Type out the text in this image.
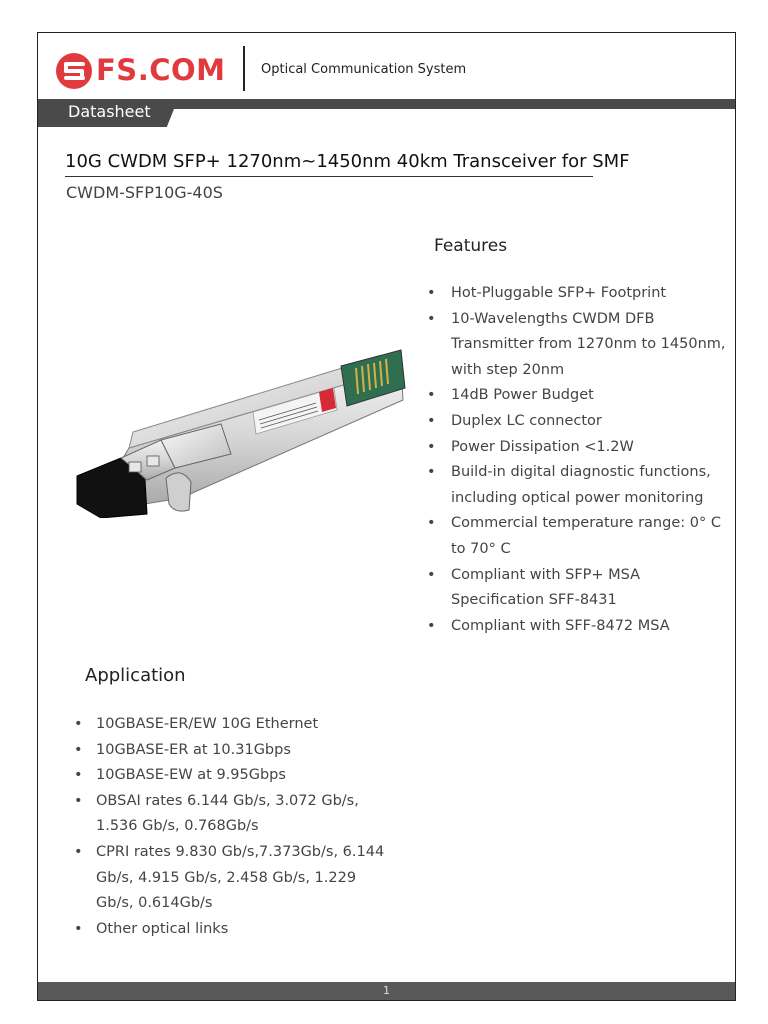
FS.COM	Optical Communication System
Datasheet
10G CWDM SFP+ 1270nm~1450nm 40km Transceiver for SMF
CWDM-SFP10G-40S
Features
• Hot-Pluggable SFP+ Footprint
• 10-Wavelengths CWDM DFB Transmitter from 1270nm to 1450nm, with step 20nm
• 14dB Power Budget
• Duplex LC connector
• Power Dissipation <1.2W
• Build-in digital diagnostic functions, including optical power monitoring
• Commercial temperature range: 0° C to 70° C
• Compliant with SFP+ MSA Specification SFF-8431
• Compliant with SFF-8472 MSA
Application
• 10GBASE-ER/EW 10G Ethernet
• 10GBASE-ER at 10.31Gbps
• 10GBASE-EW at 9.95Gbps
• OBSAI rates 6.144 Gb/s, 3.072 Gb/s, 1.536 Gb/s, 0.768Gb/s
• CPRI rates 9.830 Gb/s,7.373Gb/s, 6.144 Gb/s, 4.915 Gb/s, 2.458 Gb/s, 1.229 Gb/s, 0.614Gb/s
• Other optical links
1
